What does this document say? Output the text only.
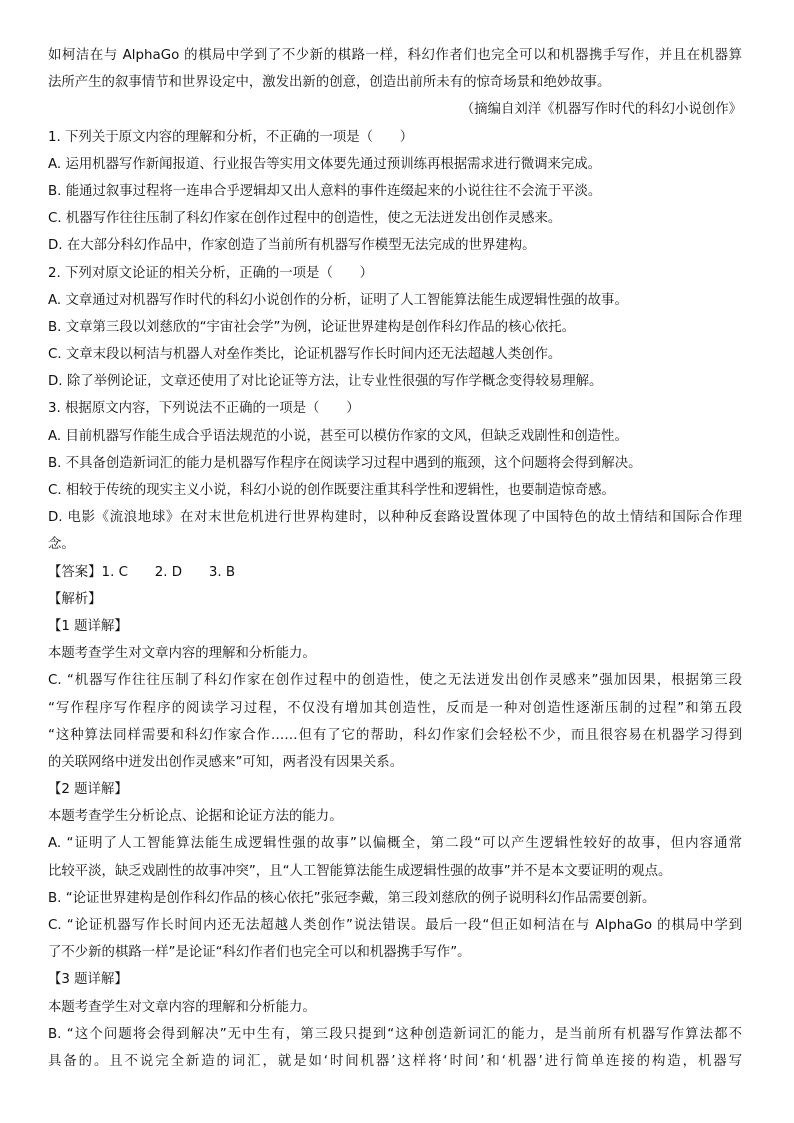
如柯洁在与 AlphaGo 的棋局中学到了不少新的棋路一样，科幻作者们也完全可以和机器携手写作，并且在机器算
法所产生的叙事情节和世界设定中，激发出新的创意，创造出前所未有的惊奇场景和绝妙故事。
（摘编自刘洋《机器写作时代的科幻小说创作》
1. 下列关于原文内容的理解和分析，不正确的一项是（　　）
A. 运用机器写作新闻报道、行业报告等实用文体要先通过预训练再根据需求进行微调来完成。
B. 能通过叙事过程将一连串合乎逻辑却又出人意料的事件连缀起来的小说往往不会流于平淡。
C. 机器写作往往压制了科幻作家在创作过程中的创造性，使之无法迸发出创作灵感来。
D. 在大部分科幻作品中，作家创造了当前所有机器写作模型无法完成的世界建构。
2. 下列对原文论证的相关分析，正确的一项是（　　）
A. 文章通过对机器写作时代的科幻小说创作的分析，证明了人工智能算法能生成逻辑性强的故事。
B. 文章第三段以刘慈欣的“宇宙社会学”为例，论证世界建构是创作科幻作品的核心依托。
C. 文章末段以柯洁与机器人对垒作类比，论证机器写作长时间内还无法超越人类创作。
D. 除了举例论证，文章还使用了对比论证等方法，让专业性很强的写作学概念变得较易理解。
3. 根据原文内容，下列说法不正确的一项是（　　）
A. 目前机器写作能生成合乎语法规范的小说，甚至可以模仿作家的文风，但缺乏戏剧性和创造性。
B. 不具备创造新词汇的能力是机器写作程序在阅读学习过程中遇到的瓶颈，这个问题将会得到解决。
C. 相较于传统的现实主义小说，科幻小说的创作既要注重其科学性和逻辑性，也要制造惊奇感。
D. 电影《流浪地球》在对末世危机进行世界构建时，以种种反套路设置体现了中国特色的故土情结和国际合作理
念。
【答案】1. C　　2. D　　3. B
【解析】
【1 题详解】
本题考查学生对文章内容的理解和分析能力。
C. “机器写作往往压制了科幻作家在创作过程中的创造性，使之无法迸发出创作灵感来”强加因果，根据第三段
“写作程序写作程序的阅读学习过程，不仅没有增加其创造性，反而是一种对创造性逐渐压制的过程”和第五段
“这种算法同样需要和科幻作家合作……但有了它的帮助，科幻作家们会轻松不少，而且很容易在机器学习得到
的关联网络中迸发出创作灵感来”可知，两者没有因果关系。
【2 题详解】
本题考查学生分析论点、论据和论证方法的能力。
A. “证明了人工智能算法能生成逻辑性强的故事”以偏概全，第二段“可以产生逻辑性较好的故事，但内容通常
比较平淡，缺乏戏剧性的故事冲突”，且“人工智能算法能生成逻辑性强的故事”并不是本文要证明的观点。
B. “论证世界建构是创作科幻作品的核心依托”张冠李戴，第三段刘慈欣的例子说明科幻作品需要创新。
C. “论证机器写作长时间内还无法超越人类创作”说法错误。最后一段“但正如柯洁在与 AlphaGo 的棋局中学到
了不少新的棋路一样”是论证“科幻作者们也完全可以和机器携手写作”。
【3 题详解】
本题考查学生对文章内容的理解和分析能力。
B. “这个问题将会得到解决”无中生有，第三段只提到“这种创造新词汇的能力，是当前所有机器写作算法都不
具备的。且不说完全新造的词汇，就是如‘时间机器’这样将‘时间’和‘机器’进行简单连接的构造，机器写
